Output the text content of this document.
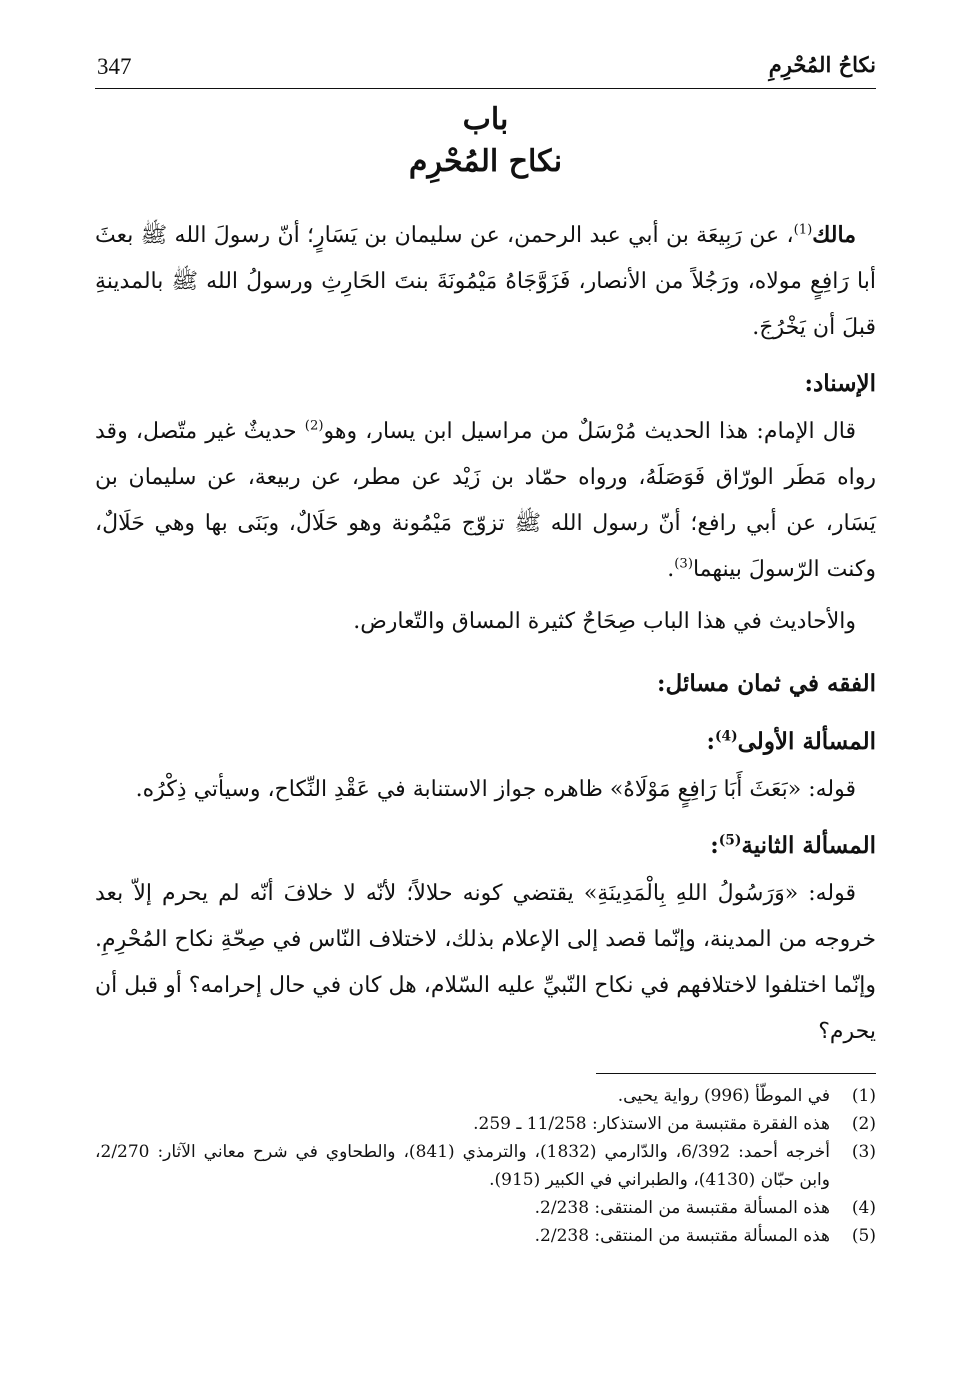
نكاحُ المُحْرِمِ
347
باب
نكاح المُحْرِم

مالك$^{(1)}$، عن رَبِيعَة بن أبي عبد الرحمن، عن سليمان بن يَسَارٍ؛ أنّ رسولَ الله ﷺ بعثَ أبا رَافِعٍ مولاه، ورَجُلاً من الأنصار، فَزَوَّجَاهُ مَيْمُونَةَ بنتَ الحَارِثِ ورسولُ الله ﷺ بالمدينةِ قبلَ أن يَخْرُجَ.

الإسناد:

قال الإمام: هذا الحديث مُرْسَلٌ من مراسيل ابن يسار، وهو$^{(2)}$ حديثٌ غير متّصل، وقد رواه مَطَر الورّاق فَوَصَلَهُ، ورواه حمّاد بن زَيْد عن مطر، عن ربيعة، عن سليمان بن يَسَار، عن أبي رافع؛ أنّ رسول الله ﷺ تزوّج مَيْمُونة وهو حَلَالٌ، وبَنَى بها وهي حَلَالٌ، وكنت الرّسولَ بينهما$^{(3)}$.

والأحاديث في هذا الباب صِحَاحٌ كثيرة المساق والتّعارض.

الفقه في ثمان مسائل:
المسألة الأولى$^{(4)}$:

قوله: «بَعَثَ أَبَا رَافِعٍ مَوْلَاهُ» ظاهره جواز الاستنابة في عَقْدِ النِّكاح، وسيأتي ذِكْرُه.

المسألة الثانية$^{(5)}$:

قوله: «وَرَسُولُ اللهِ بِالْمَدِينَةِ» يقتضي كونه حلالاً؛ لأنّه لا خلافَ أنّه لم يحرم إلاّ بعد خروجه من المدينة، وإنّما قصد إلى الإعلام بذلك، لاختلاف النّاس في صِحّةِ نكاح المُحْرِمِ. وإنّما اختلفوا لاختلافهم في نكاح النّبيِّ عليه السّلام، هل كان في حال إحرامه؟ أو قبل أن يحرم؟

(1)
في الموطّأ (996) رواية يحيى.

(2)
هذه الفقرة مقتبسة من الاستذكار: 11/258 ـ 259.

(3)
أخرجه أحمد: 6/392، والدّارمي (1832)، والترمذي (841)، والطحاوي في شرح معاني الآثار: 2/270، وابن حبّان (4130)، والطبراني في الكبير (915).

(4)
هذه المسألة مقتبسة من المنتقى: 2/238.

(5)
هذه المسألة مقتبسة من المنتقى: 2/238.
